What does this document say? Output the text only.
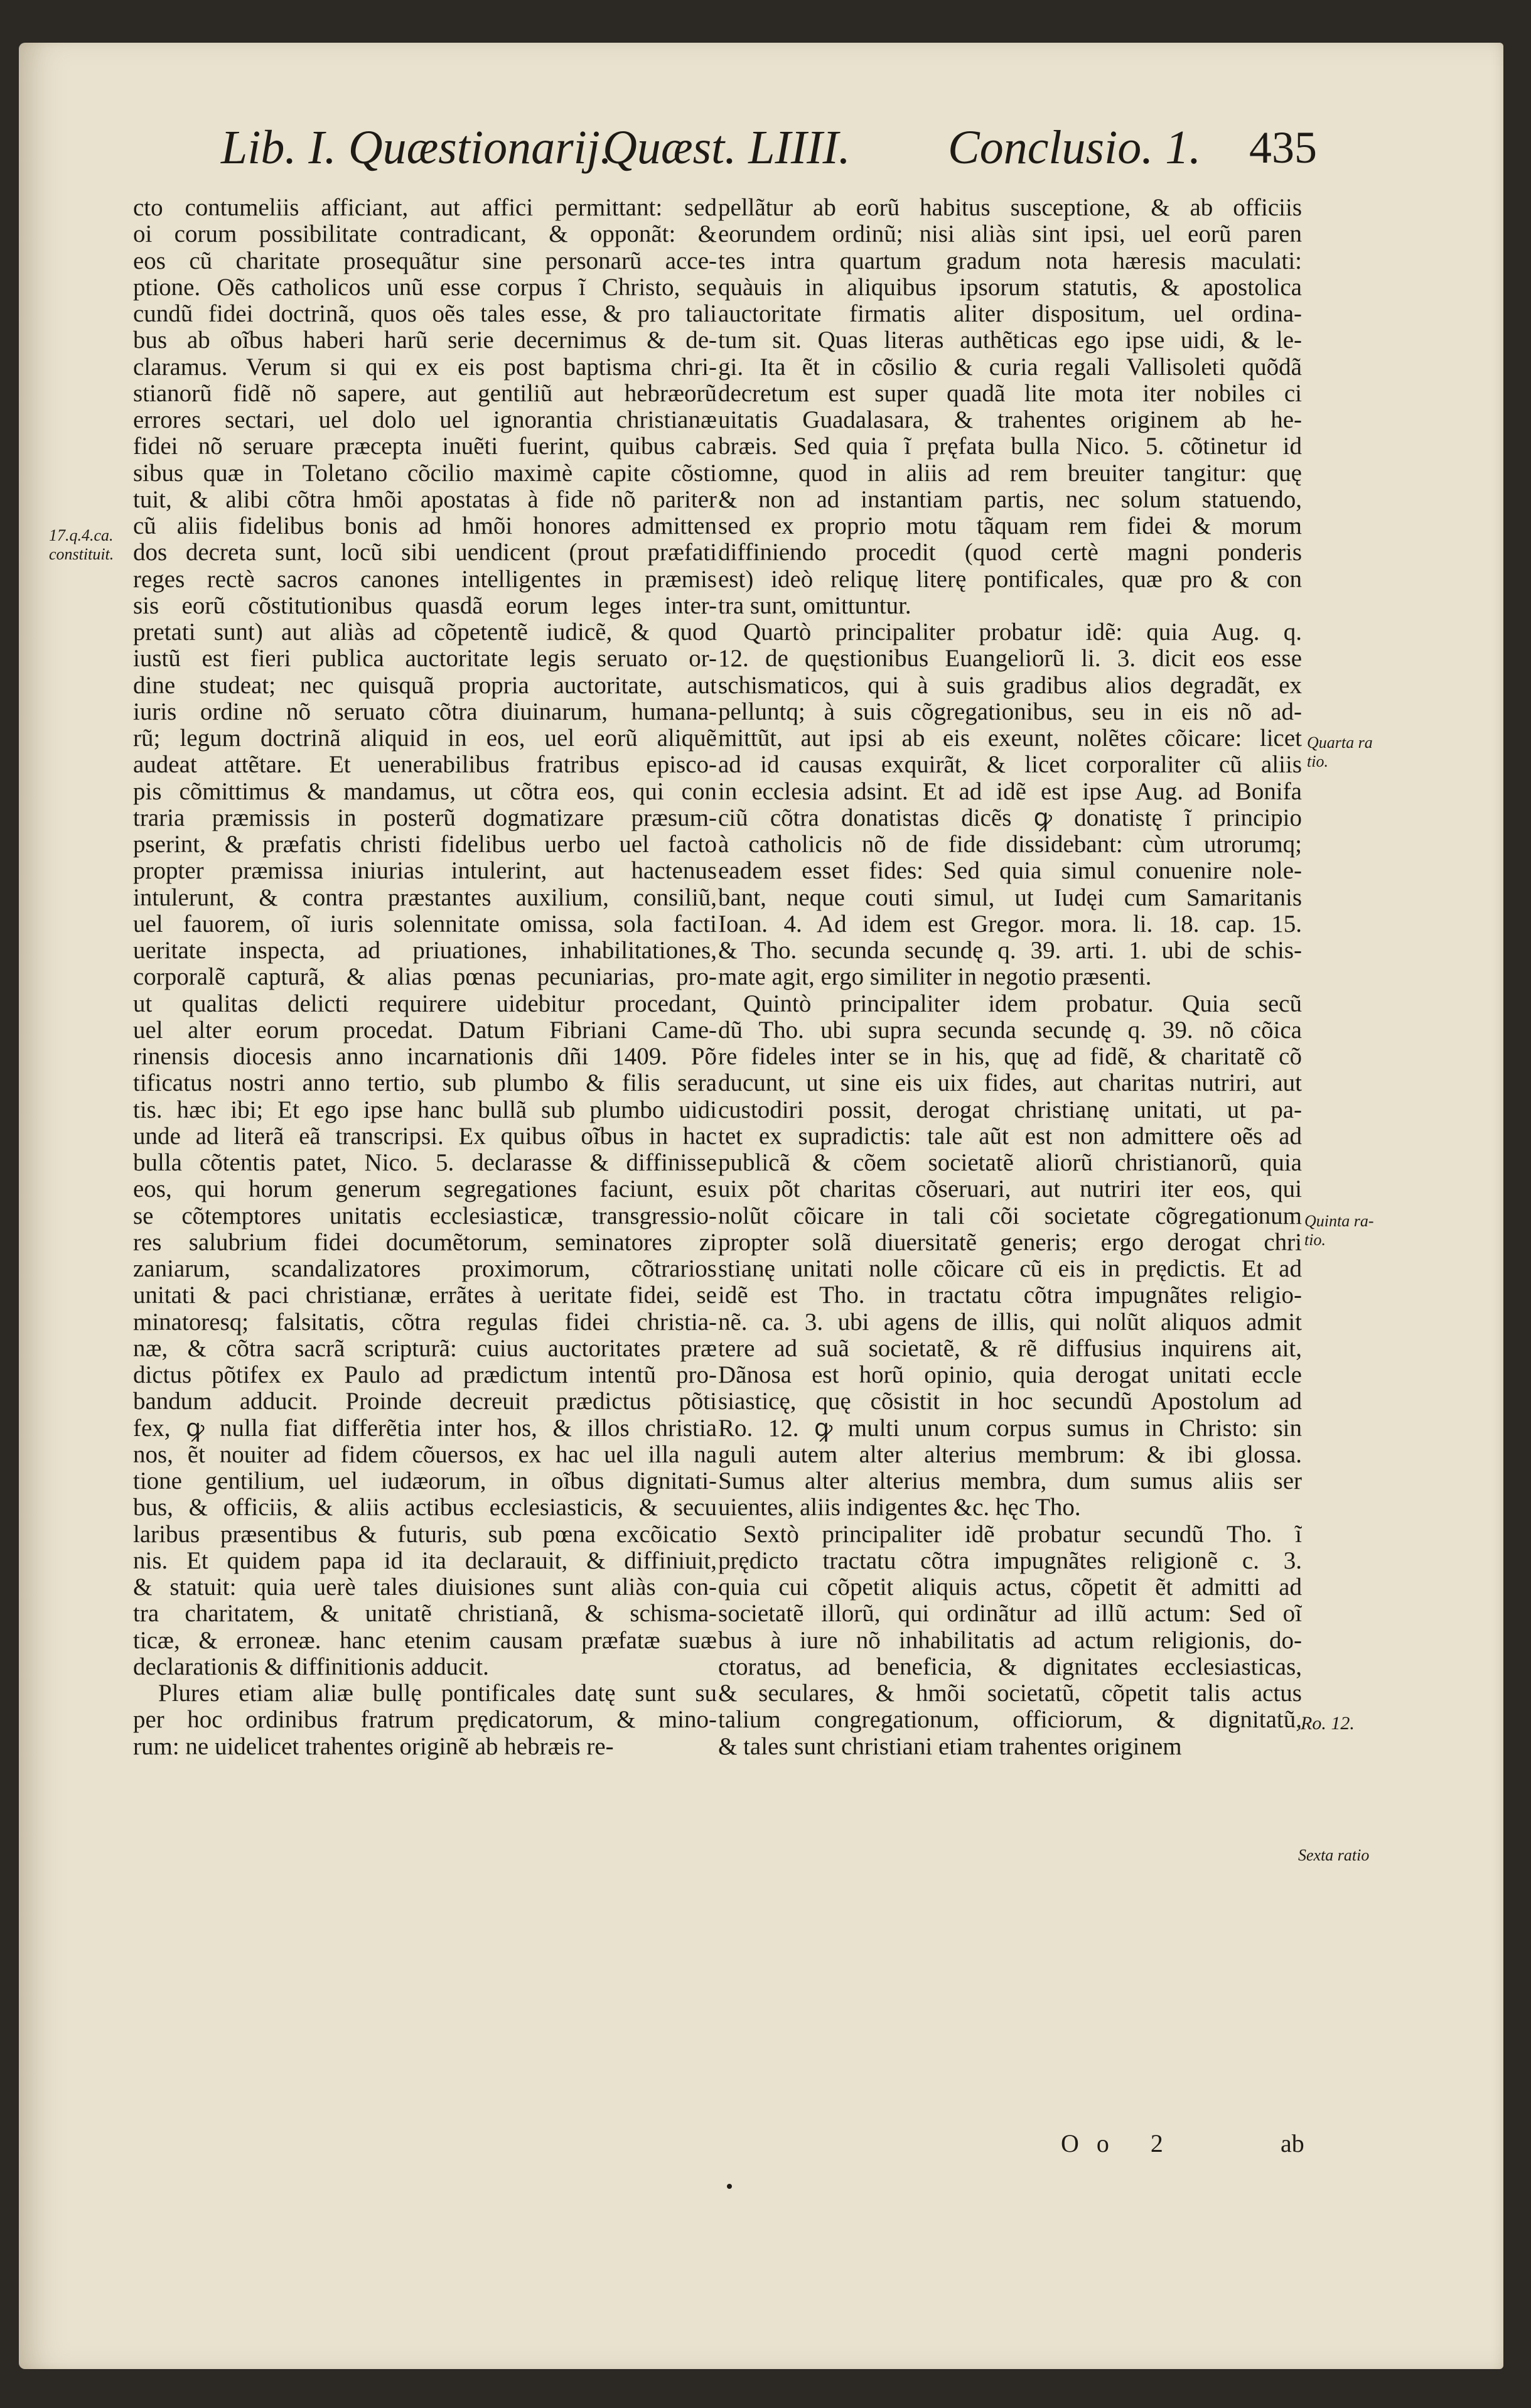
Lib. I. Quæstionarij.
Quæst. LIIII. Conclusio. 1. 435
cto contumeliis afficiant, aut affici permittant: sed
oi corum possibilitate contradicant, & opponãt: &
eos cũ charitate prosequãtur sine personarũ acce-
ptione. Oẽs catholicos unũ esse corpus ĩ Christo, se
cundũ fidei doctrinã, quos oẽs tales esse, & pro tali
bus ab oĩbus haberi harũ serie decernimus & de-
claramus. Verum si qui ex eis post baptisma chri-
stianorũ fidẽ nõ sapere, aut gentiliũ aut hebræorũ
errores sectari, uel dolo uel ignorantia christianæ
fidei nõ seruare præcepta inuẽti fuerint, quibus ca
sibus quæ in Toletano cõcilio maximè capite cõsti
tuit, & alibi cõtra hmõi apostatas à fide nõ pariter
cũ aliis fidelibus bonis ad hmõi honores admitten
dos decreta sunt, locũ sibi uendicent (prout præfati
reges rectè sacros canones intelligentes in præmis
sis eorũ cõstitutionibus quasdã eorum leges inter-
pretati sunt) aut aliàs ad cõpetentẽ iudicẽ, & quod
iustũ est fieri publica auctoritate legis seruato or-
dine studeat; nec quisquã propria auctoritate, aut
iuris ordine nõ seruato cõtra diuinarum, humana-
rũ; legum doctrinã aliquid in eos, uel eorũ aliquẽ
audeat attẽtare. Et uenerabilibus fratribus episco-
pis cõmittimus & mandamus, ut cõtra eos, qui con
traria præmissis in posterũ dogmatizare præsum-
pserint, & præfatis christi fidelibus uerbo uel facto
propter præmissa iniurias intulerint, aut hactenus
intulerunt, & contra præstantes auxilium, consiliũ,
uel fauorem, oĩ iuris solennitate omissa, sola facti
ueritate inspecta, ad priuationes, inhabilitationes,
corporalẽ capturã, & alias pœnas pecuniarias, pro-
ut qualitas delicti requirere uidebitur procedant,
uel alter eorum procedat. Datum Fibriani Came-
rinensis diocesis anno incarnationis dñi 1409. Põ
tificatus nostri anno tertio, sub plumbo & filis sera
tis. hæc ibi; Et ego ipse hanc bullã sub plumbo uidi
unde ad literã eã transcripsi. Ex quibus oĩbus in hac
bulla cõtentis patet, Nico. 5. declarasse & diffinisse
eos, qui horum generum segregationes faciunt, es
se cõtemptores unitatis ecclesiasticæ, transgressio-
res salubrium fidei documẽtorum, seminatores zi
zaniarum, scandalizatores proximorum, cõtrarios
unitati & paci christianæ, errãtes à ueritate fidei, se
minatoresq; falsitatis, cõtra regulas fidei christia-
næ, & cõtra sacrã scripturã: cuius auctoritates præ
dictus põtifex ex Paulo ad prædictum intentũ pro-
bandum adducit. Proinde decreuit prædictus põti
fex, ꝙ nulla fiat differẽtia inter hos, & illos christia
nos, ẽt nouiter ad fidem cõuersos, ex hac uel illa na
tione gentilium, uel iudæorum, in oĩbus dignitati-
bus, & officiis, & aliis actibus ecclesiasticis, & secu
laribus præsentibus & futuris, sub pœna excõicatio
nis. Et quidem papa id ita declarauit, & diffiniuit,
& statuit: quia uerè tales diuisiones sunt aliàs con-
tra charitatem, & unitatẽ christianã, & schisma-
ticæ, & erroneæ. hanc etenim causam præfatæ suæ
declarationis & diffinitionis adducit.
Plures etiam aliæ bullę pontificales datę sunt su
per hoc ordinibus fratrum prędicatorum, & mino-
rum: ne uidelicet trahentes originẽ ab hebræis re-
pellãtur ab eorũ habitus susceptione, & ab officiis
eorundem ordinũ; nisi aliàs sint ipsi, uel eorũ paren
tes intra quartum gradum nota hæresis maculati:
quàuis in aliquibus ipsorum statutis, & apostolica
auctoritate firmatis aliter dispositum, uel ordina-
tum sit. Quas literas authẽticas ego ipse uidi, & le-
gi. Ita ẽt in cõsilio & curia regali Vallisoleti quõdã
decretum est super quadã lite mota iter nobiles ci
uitatis Guadalasara, & trahentes originem ab he-
bræis. Sed quia ĩ pręfata bulla Nico. 5. cõtinetur id
omne, quod in aliis ad rem breuiter tangitur: quę
& non ad instantiam partis, nec solum statuendo,
sed ex proprio motu tãquam rem fidei & morum
diffiniendo procedit (quod certè magni ponderis
est) ideò reliquę literę pontificales, quæ pro & con
tra sunt, omittuntur.
Quartò principaliter probatur idẽ: quia Aug. q.
12. de quęstionibus Euangeliorũ li. 3. dicit eos esse
schismaticos, qui à suis gradibus alios degradãt, ex
pelluntq; à suis cõgregationibus, seu in eis nõ ad-
mittũt, aut ipsi ab eis exeunt, nolẽtes cõicare: licet
ad id causas exquirãt, & licet corporaliter cũ aliis
in ecclesia adsint. Et ad idẽ est ipse Aug. ad Bonifa
ciũ cõtra donatistas dicẽs ꝙ donatistę ĩ principio
à catholicis nõ de fide dissidebant: cùm utrorumq;
eadem esset fides: Sed quia simul conuenire nole-
bant, neque couti simul, ut Iudęi cum Samaritanis
Ioan. 4. Ad idem est Gregor. mora. li. 18. cap. 15.
& Tho. secunda secundę q. 39. arti. 1. ubi de schis-
mate agit, ergo similiter in negotio præsenti.
Quintò principaliter idem probatur. Quia secũ
dũ Tho. ubi supra secunda secundę q. 39. nõ cõica
re fideles inter se in his, quę ad fidẽ, & charitatẽ cõ
ducunt, ut sine eis uix fides, aut charitas nutriri, aut
custodiri possit, derogat christianę unitati, ut pa-
tet ex supradictis: tale aũt est non admittere oẽs ad
publicã & cõem societatẽ aliorũ christianorũ, quia
uix põt charitas cõseruari, aut nutriri iter eos, qui
nolũt cõicare in tali cõi societate cõgregationum
propter solã diuersitatẽ generis; ergo derogat chri
stianę unitati nolle cõicare cũ eis in prędictis. Et ad
idẽ est Tho. in tractatu cõtra impugnãtes religio-
nẽ. ca. 3. ubi agens de illis, qui nolũt aliquos admit
tere ad suã societatẽ, & rẽ diffusius inquirens ait,
Dãnosa est horũ opinio, quia derogat unitati eccle
siasticę, quę cõsistit in hoc secundũ Apostolum ad
Ro. 12. ꝙ multi unum corpus sumus in Christo: sin
guli autem alter alterius membrum: & ibi glossa.
Sumus alter alterius membra, dum sumus aliis ser
uientes, aliis indigentes &c. hęc Tho.
Sextò principaliter idẽ probatur secundũ Tho. ĩ
prędicto tractatu cõtra impugnãtes religionẽ c. 3.
quia cui cõpetit aliquis actus, cõpetit ẽt admitti ad
societatẽ illorũ, qui ordinãtur ad illũ actum: Sed oĩ
bus à iure nõ inhabilitatis ad actum religionis, do-
ctoratus, ad beneficia, & dignitates ecclesiasticas,
& seculares, & hmõi societatũ, cõpetit talis actus
talium congregationum, officiorum, & dignitatũ,
& tales sunt christiani etiam trahentes originem
17.q.4.ca.
constituit.
Quarta ra
tio.
Quinta ra-
tio.
Ro. 12.
Sexta ratio
Oo 2	ab
